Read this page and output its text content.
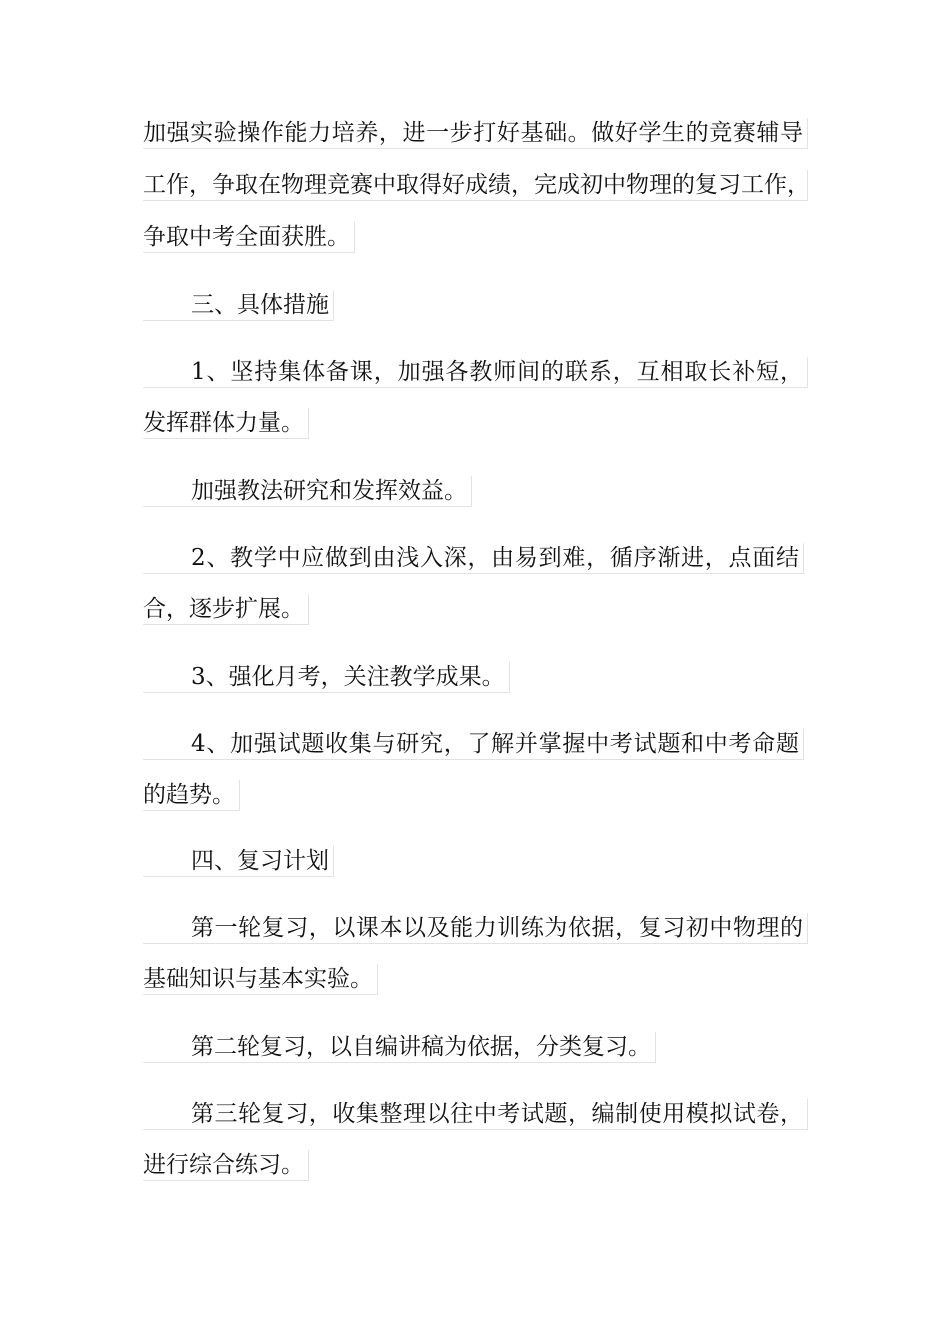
加强实验操作能力培养，进一步打好基础。做好学生的竞赛辅导
工作，争取在物理竞赛中取得好成绩，完成初中物理的复习工作，
争取中考全面获胜。
三、具体措施
1、坚持集体备课，加强各教师间的联系，互相取长补短，
发挥群体力量。
加强教法研究和发挥效益。
2、教学中应做到由浅入深，由易到难，循序渐进，点面结
合，逐步扩展。
3、强化月考，关注教学成果。
4、加强试题收集与研究，了解并掌握中考试题和中考命题
的趋势。
四、复习计划
第一轮复习，以课本以及能力训练为依据，复习初中物理的
基础知识与基本实验。
第二轮复习，以自编讲稿为依据，分类复习。
第三轮复习，收集整理以往中考试题，编制使用模拟试卷，
进行综合练习。
